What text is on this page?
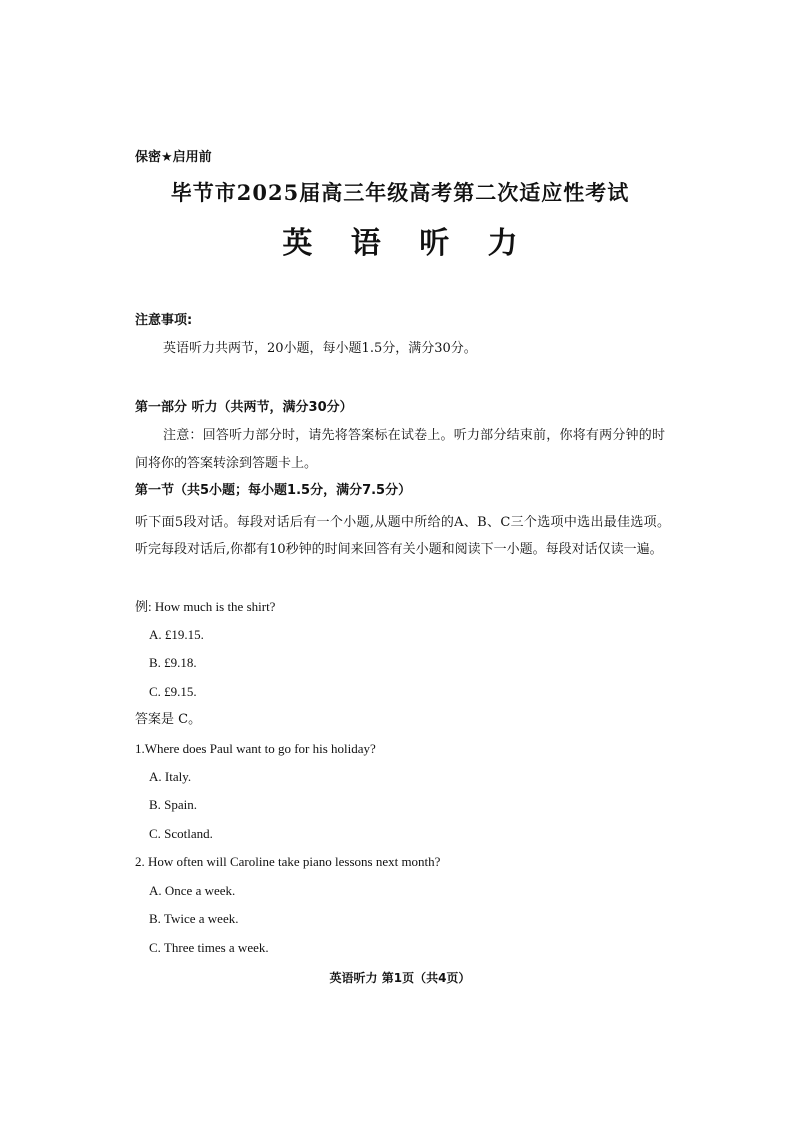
保密★启用前
毕节市2025届高三年级高考第二次适应性考试
英 语 听 力
注意事项:
英语听力共两节，20小题，每小题1.5分，满分30分。
第一部分 听力（共两节，满分30分）
注意：回答听力部分时，请先将答案标在试卷上。听力部分结束前，你将有两分钟的时间将你的答案转涂到答题卡上。
第一节（共5小题；每小题1.5分，满分7.5分）
听下面5段对话。每段对话后有一个小题,从题中所给的A、B、C三个选项中选出最佳选项。听完每段对话后,你都有10秒钟的时间来回答有关小题和阅读下一小题。每段对话仅读一遍。
例: How much is the shirt?
A. £19.15.
B. £9.18.
C. £9.15.
答案是 C。
1.Where does Paul want to go for his holiday?
A. Italy.
B. Spain.
C. Scotland.
2. How often will Caroline take piano lessons next month?
A. Once a week.
B. Twice a week.
C. Three times a week.
英语听力 第1页（共4页）
